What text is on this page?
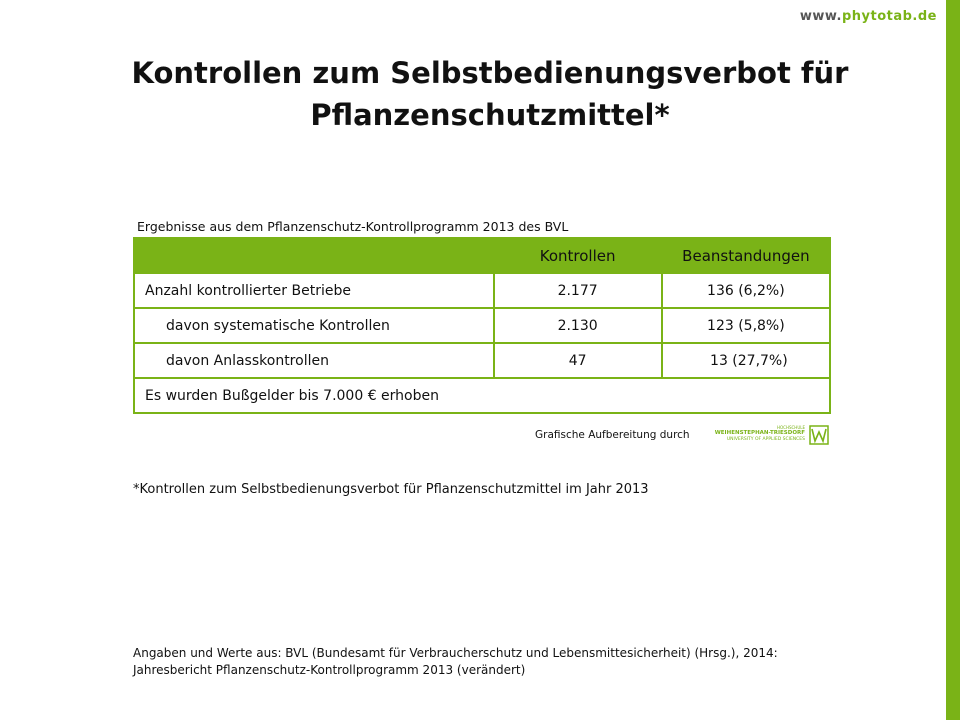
www.phytotab.de
Kontrollen zum Selbstbedienungsverbot für
Pflanzenschutzmittel*
Ergebnisse aus dem Pflanzenschutz-Kontrollprogramm 2013 des BVL
	Kontrollen	Beanstandungen
Anzahl kontrollierter Betriebe	2.177	136 (6,2%)
davon systematische Kontrollen	2.130	123 (5,8%)
davon Anlasskontrollen	47	13 (27,7%)
Es wurden Bußgelder bis 7.000 € erhoben		
Grafische Aufbereitung durch
HOCHSCHULE
WEIHENSTEPHAN-TRIESDORF
UNIVERSITY OF APPLIED SCIENCES
*Kontrollen zum Selbstbedienungsverbot für Pflanzenschutzmittel im Jahr 2013
Angaben und Werte aus: BVL (Bundesamt für Verbraucherschutz und Lebensmittesicherheit) (Hrsg.), 2014:
Jahresbericht Pflanzenschutz-Kontrollprogramm 2013 (verändert)
